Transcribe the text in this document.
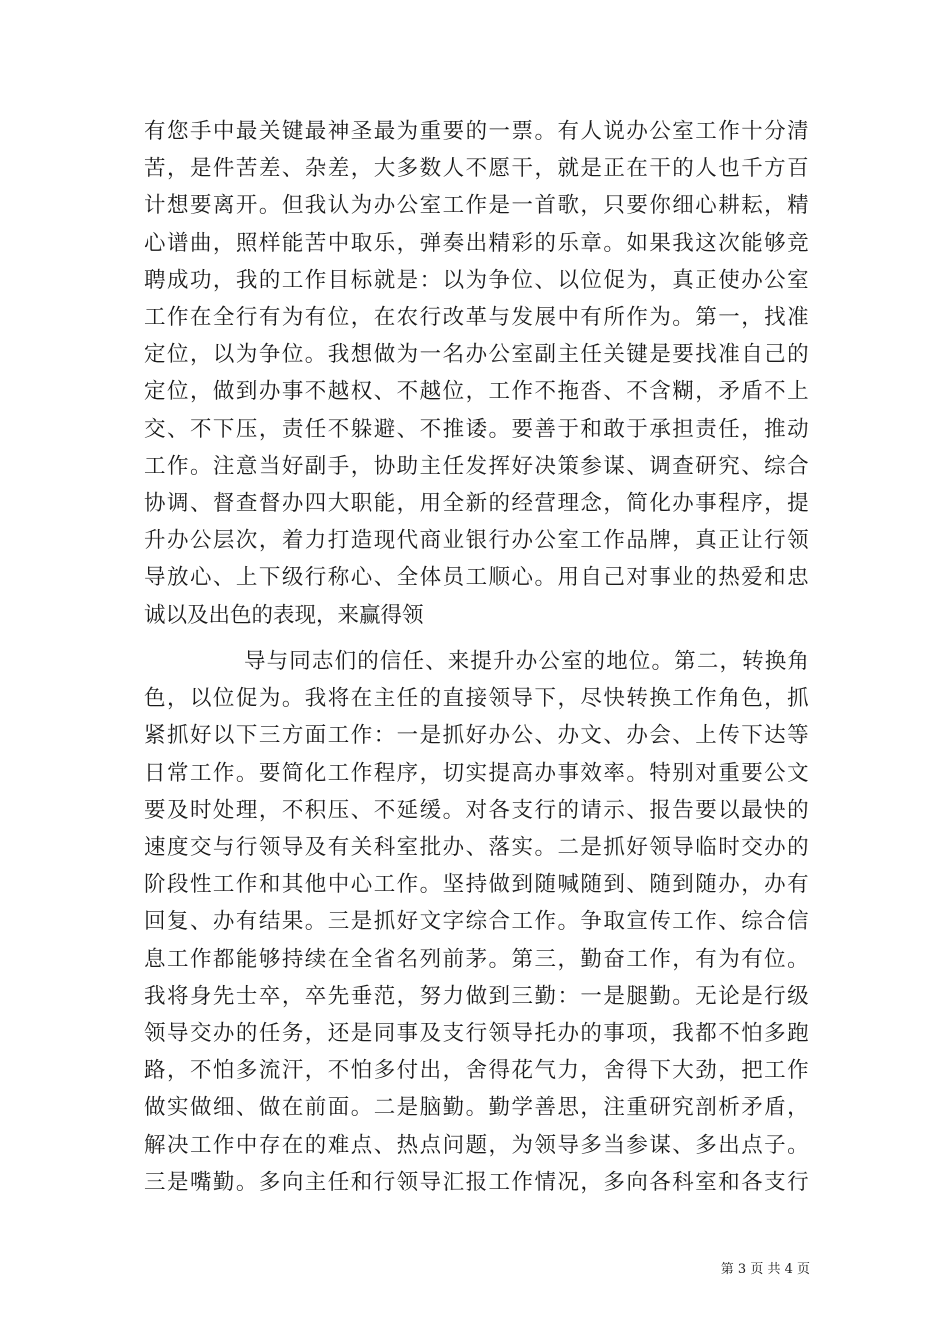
有 您 手 中 最 关 键 最 神 圣 最 为 重 要 的 一 票 。 有 人 说 办 公 室 工 作 十 分 清
苦 ， 是 件 苦 差 、 杂 差 ， 大 多 数 人 不 愿 干 ， 就 是 正 在 干 的 人 也 千 方 百
计 想 要 离 开 。 但 我 认 为 办 公 室 工 作 是 一 首 歌 ， 只 要 你 细 心 耕 耘 ， 精
心 谱 曲 ， 照 样 能 苦 中 取 乐 ， 弹 奏 出 精 彩 的 乐 章 。 如 果 我 这 次 能 够 竞
聘 成 功 ， 我 的 工 作 目 标 就 是 ： 以 为 争 位 、 以 位 促 为 ， 真 正 使 办 公 室
工 作 在 全 行 有 为 有 位 ， 在 农 行 改 革 与 发 展 中 有 所 作 为 。 第 一 ， 找 准
定 位 ， 以 为 争 位 。 我 想 做 为 一 名 办 公 室 副 主 任 关 键 是 要 找 准 自 己 的
定 位 ， 做 到 办 事 不 越 权 、 不 越 位 ， 工 作 不 拖 沓 、 不 含 糊 ， 矛 盾 不 上
交 、 不 下 压 ， 责 任 不 躲 避 、 不 推 诿 。 要 善 于 和 敢 于 承 担 责 任 ， 推 动
工 作 。 注 意 当 好 副 手 ， 协 助 主 任 发 挥 好 决 策 参 谋 、 调 查 研 究 、 综 合
协 调 、 督 查 督 办 四 大 职 能 ， 用 全 新 的 经 营 理 念 ， 简 化 办 事 程 序 ， 提
升 办 公 层 次 ， 着 力 打 造 现 代 商 业 银 行 办 公 室 工 作 品 牌 ， 真 正 让 行 领
导 放 心 、 上 下 级 行 称 心 、 全 体 员 工 顺 心 。 用 自 己 对 事 业 的 热 爱 和 忠
诚以及出色的表现，来赢得领
导 与 同 志 们 的 信 任 、 来 提 升 办 公 室 的 地 位 。 第 二 ， 转 换 角
色 ， 以 位 促 为 。 我 将 在 主 任 的 直 接 领 导 下 ， 尽 快 转 换 工 作 角 色 ， 抓
紧 抓 好 以 下 三 方 面 工 作 ： 一 是 抓 好 办 公 、 办 文 、 办 会 、 上 传 下 达 等
日 常 工 作 。 要 简 化 工 作 程 序 ， 切 实 提 高 办 事 效 率 。 特 别 对 重 要 公 文
要 及 时 处 理 ， 不 积 压 、 不 延 缓 。 对 各 支 行 的 请 示 、 报 告 要 以 最 快 的
速 度 交 与 行 领 导 及 有 关 科 室 批 办 、 落 实 。 二 是 抓 好 领 导 临 时 交 办 的
阶 段 性 工 作 和 其 他 中 心 工 作 。 坚 持 做 到 随 喊 随 到 、 随 到 随 办 ， 办 有
回 复 、 办 有 结 果 。 三 是 抓 好 文 字 综 合 工 作 。 争 取 宣 传 工 作 、 综 合 信
息 工 作 都 能 够 持 续 在 全 省 名 列 前 茅 。 第 三 ， 勤 奋 工 作 ， 有 为 有 位 。
我 将 身 先 士 卒 ， 卒 先 垂 范 ， 努 力 做 到 三 勤 ： 一 是 腿 勤 。 无 论 是 行 级
领 导 交 办 的 任 务 ， 还 是 同 事 及 支 行 领 导 托 办 的 事 项 ， 我 都 不 怕 多 跑
路 ， 不 怕 多 流 汗 ， 不 怕 多 付 出 ， 舍 得 花 气 力 ， 舍 得 下 大 劲 ， 把 工 作
做 实 做 细 、 做 在 前 面 。 二 是 脑 勤 。 勤 学 善 思 ， 注 重 研 究 剖 析 矛 盾 ，
解 决 工 作 中 存 在 的 难 点 、 热 点 问 题 ， 为 领 导 多 当 参 谋 、 多 出 点 子 。
三 是 嘴 勤 。 多 向 主 任 和 行 领 导 汇 报 工 作 情 况 ， 多 向 各 科 室 和 各 支 行
第 3 页 共 4 页
